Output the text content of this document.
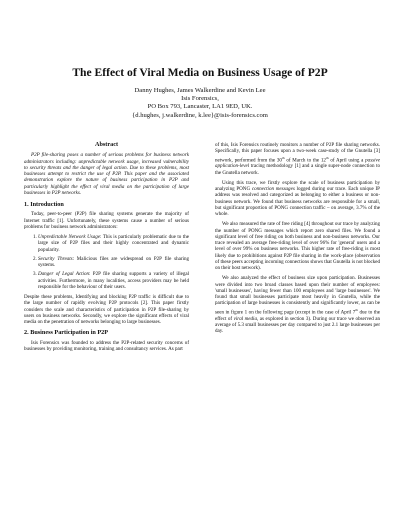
The Effect of Viral Media on Business Usage of P2P
Danny Hughes, James Walkerdine and Kevin Lee
Isis Forensics,
PO Box 793, Lancaster, LA1 9ED, UK.
{d.hughes, j.walkerdine, k.lee}@isis-forensics.com
Abstract

P2P file-sharing poses a number of serious problems for business network administrators including: unpredictable network usage, increased vulnerability to security threats and the danger of legal action. Due to these problems, most businesses attempt to restrict the use of P2P. This paper and the associated demonstration explore the nature of business participation in P2P and particularly highlight the effect of viral media on the participation of large businesses in P2P networks.

1. Introduction

Today, peer-to-peer (P2P) file sharing systems generate the majority of Internet traffic [1]. Unfortunately, these systems cause a number of serious problems for business network administrators:

1. Unpredictable Network Usage: This is particularly problematic due to the large size of P2P files and their highly concentrated and dynamic popularity.
2. Security Threats: Malicious files are widespread on P2P file sharing systems.
3. Danger of Legal Action: P2P file sharing supports a variety of illegal activities. Furthermore, in many localities, access providers may be held responsible for the behaviour of their users.

Despite these problems, Identifying and blocking P2P traffic is difficult due to the large number of rapidly evolving P2P protocols [2]. This paper firstly considers the scale and characteristics of participation in P2P file-sharing by users on business networks. Secondly, we explore the significant effects of viral media on the penetration of networks belonging to large businesses.

2. Business Participation in P2P

Isis Forensics was founded to address the P2P-related security concerns of businesses by providing monitoring, training and consultancy services. As part

of this, Isis Forensics routinely monitors a number of P2P file sharing networks. Specifically, this paper focuses upon a two-week case-study of the Gnutella [3] network, performed from the 30th of March to the 12th of April using a passive application-level tracing methodology [1] and a single super-node connection to the Gnutella network.

Using this trace, we firstly explore the scale of business participation by analyzing PONG connection messages logged during our trace. Each unique IP address was resolved and categorized as belonging to either a business or non-business network. We found that business networks are responsible for a small, but significant proportion of PONG connection traffic – on average, 3.7% of the whole.

We also measured the rate of free riding [4] throughout our trace by analyzing the number of PONG messages which report zero shared files. We found a significant level of free riding on both business and non-business networks. Our trace revealed an average free-riding level of over 96% for 'general' users and a level of over 99% on business networks. This higher rate of free-riding is most likely due to prohibitions against P2P file sharing in the work-place (observation of these peers accepting incoming connections shows that Gnutella is not blocked on their host network).

We also analyzed the effect of business size upon participation. Businesses were divided into two broad classes based upon their number of employees: 'small businesses', having fewer than 100 employees and 'large businesses'. We found that small businesses participate most heavily in Gnutella, while the participation of large businesses is consistently and significantly lower, as can be seen in figure 1 on the following page (except in the case of April 7th due to the effect of viral media, as explored in section 3). During our trace we observed an average of 5.3 small businesses per day compared to just 2.1 large businesses per day.
